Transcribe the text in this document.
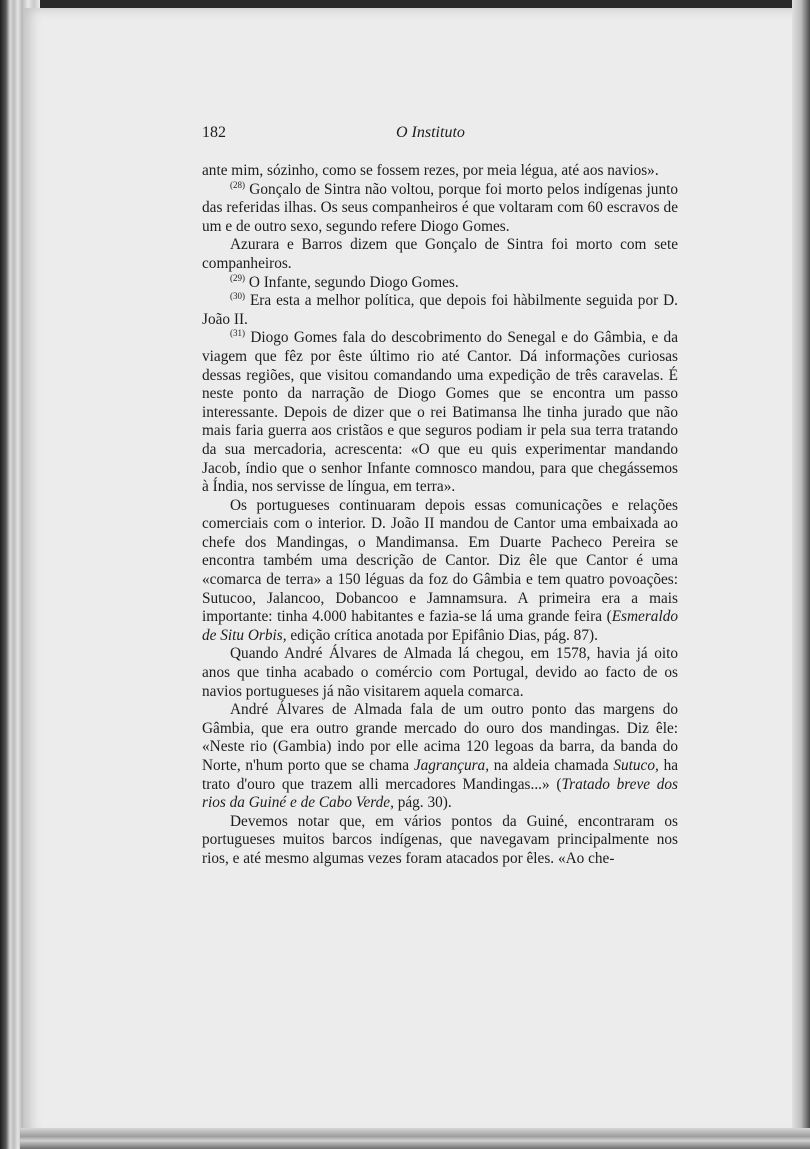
182	O Instituto

ante mim, sózinho, como se fossem rezes, por meia légua, até aos navios».

$^{(28)}$ Gonçalo de Sintra não voltou, porque foi morto pelos indígenas junto das referidas ilhas. Os seus companheiros é que voltaram com 60 escravos de um e de outro sexo, segundo refere Diogo Gomes.

Azurara e Barros dizem que Gonçalo de Sintra foi morto com sete companheiros.

$^{(29)}$ O Infante, segundo Diogo Gomes.

$^{(30)}$ Era esta a melhor política, que depois foi hàbilmente seguida por D. João II.

$^{(31)}$ Diogo Gomes fala do descobrimento do Senegal e do Gâmbia, e da viagem que fêz por êste último rio até Cantor. Dá informações curiosas dessas regiões, que visitou comandando uma expedição de três caravelas. É neste ponto da narração de Diogo Gomes que se encontra um passo interessante. Depois de dizer que o rei Batimansa lhe tinha jurado que não mais faria guerra aos cristãos e que seguros podiam ir pela sua terra tratando da sua mercadoria, acrescenta: «O que eu quis experimentar mandando Jacob, índio que o senhor Infante comnosco mandou, para que chegássemos à Índia, nos servisse de língua, em terra».

Os portugueses continuaram depois essas comunicações e relações comerciais com o interior. D. João II mandou de Cantor uma embaixada ao chefe dos Mandingas, o Mandimansa. Em Duarte Pacheco Pereira se encontra também uma descrição de Cantor. Diz êle que Cantor é uma «comarca de terra» a 150 léguas da foz do Gâmbia e tem quatro povoações: Sutucoo, Jalancoo, Dobancoo e Jamnamsura. A primeira era a mais importante: tinha 4.000 habitantes e fazia-se lá uma grande feira (Esmeraldo de Situ Orbis, edição crítica anotada por Epifânio Dias, pág. 87).

Quando André Álvares de Almada lá chegou, em 1578, havia já oito anos que tinha acabado o comércio com Portugal, devido ao facto de os navios portugueses já não visitarem aquela comarca.

André Álvares de Almada fala de um outro ponto das margens do Gâmbia, que era outro grande mercado do ouro dos mandingas. Diz êle: «Neste rio (Gambia) indo por elle acima 120 legoas da barra, da banda do Norte, n'hum porto que se chama Jagrançura, na aldeia chamada Sutuco, ha trato d'ouro que trazem alli mercadores Mandingas...» (Tratado breve dos rios da Guiné e de Cabo Verde, pág. 30).

Devemos notar que, em vários pontos da Guiné, encontraram os portugueses muitos barcos indígenas, que navegavam principalmente nos rios, e até mesmo algumas vezes foram atacados por êles. «Ao che-
